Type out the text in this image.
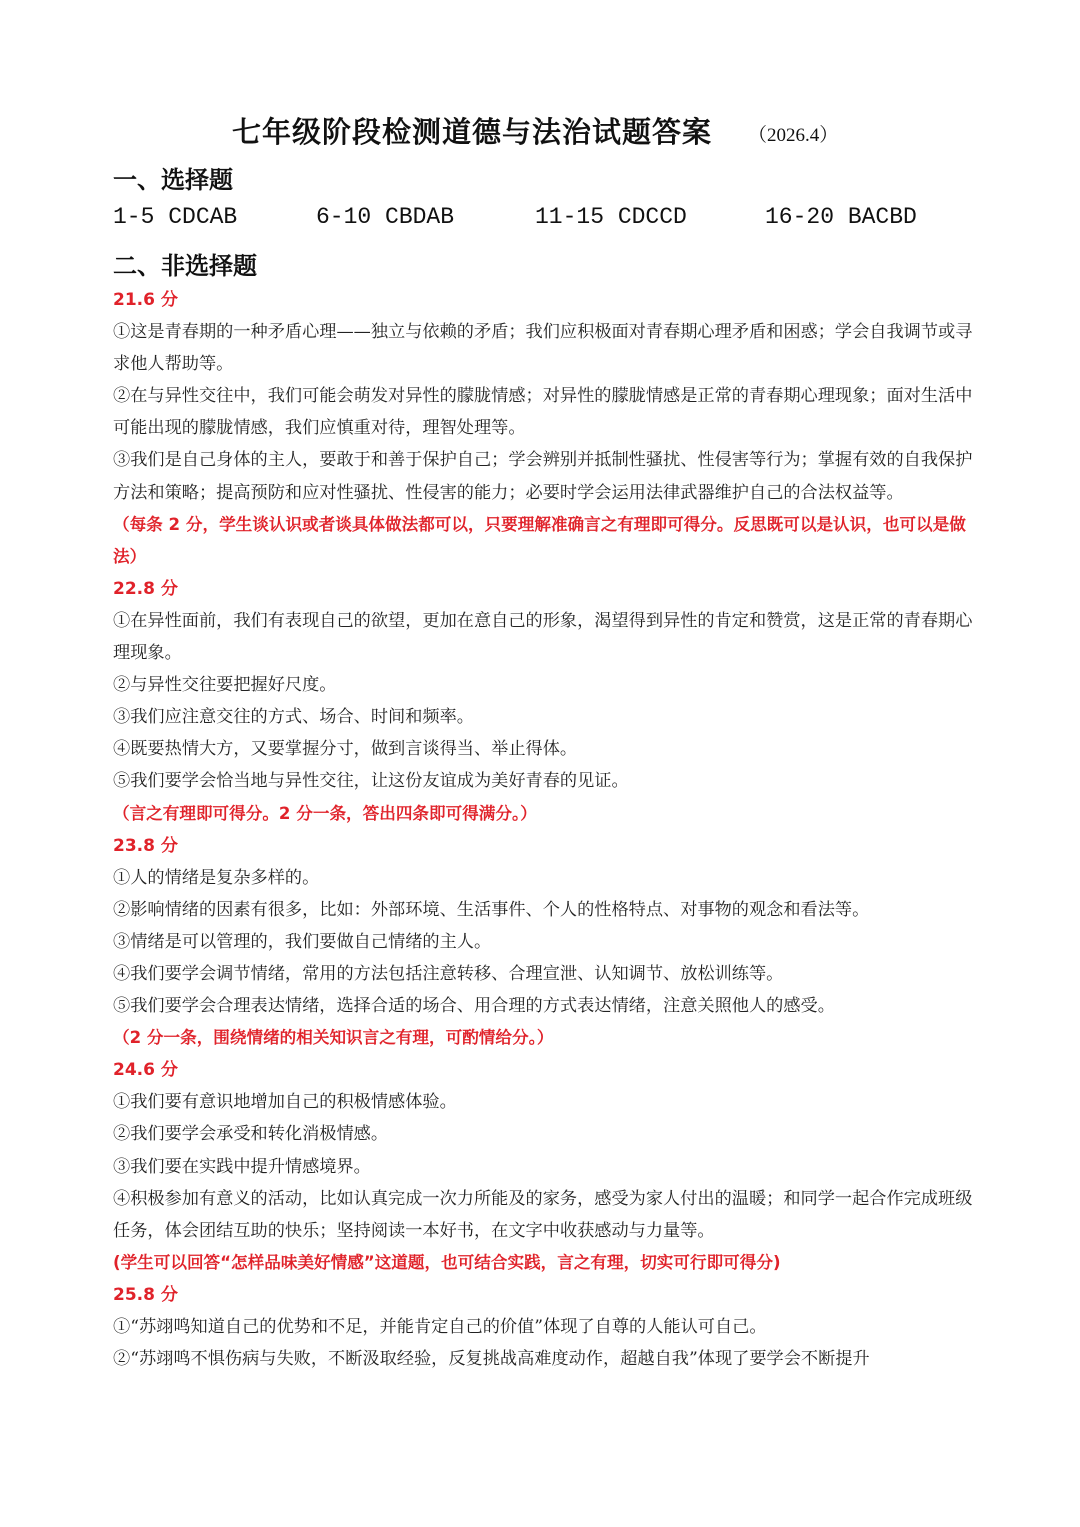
七年级阶段检测道德与法治试题答案 （2026.4）
一、选择题
1-5 CDCAB	6-10 CBDAB	11-15 CDCCD	16-20 BACBD
二、非选择题

21.6 分

①这是青春期的一种矛盾心理——独立与依赖的矛盾；我们应积极面对青春期心理矛盾和困惑；学会自我调节或寻求他人帮助等。

②在与异性交往中，我们可能会萌发对异性的朦胧情感；对异性的朦胧情感是正常的青春期心理现象；面对生活中可能出现的朦胧情感，我们应慎重对待，理智处理等。

③我们是自己身体的主人，要敢于和善于保护自己；学会辨别并抵制性骚扰、性侵害等行为；掌握有效的自我保护方法和策略；提高预防和应对性骚扰、性侵害的能力；必要时学会运用法律武器维护自己的合法权益等。

（每条 2 分，学生谈认识或者谈具体做法都可以，只要理解准确言之有理即可得分。反思既可以是认识，也可以是做法）

22.8 分

①在异性面前，我们有表现自己的欲望，更加在意自己的形象，渴望得到异性的肯定和赞赏，这是正常的青春期心理现象。

②与异性交往要把握好尺度。

③我们应注意交往的方式、场合、时间和频率。

④既要热情大方，又要掌握分寸，做到言谈得当、举止得体。

⑤我们要学会恰当地与异性交往，让这份友谊成为美好青春的见证。

（言之有理即可得分。2 分一条，答出四条即可得满分。）

23.8 分

①人的情绪是复杂多样的。

②影响情绪的因素有很多，比如：外部环境、生活事件、个人的性格特点、对事物的观念和看法等。

③情绪是可以管理的，我们要做自己情绪的主人。

④我们要学会调节情绪，常用的方法包括注意转移、合理宣泄、认知调节、放松训练等。

⑤我们要学会合理表达情绪，选择合适的场合、用合理的方式表达情绪，注意关照他人的感受。

（2 分一条，围绕情绪的相关知识言之有理，可酌情给分。）

24.6 分

①我们要有意识地增加自己的积极情感体验。

②我们要学会承受和转化消极情感。

③我们要在实践中提升情感境界。

④积极参加有意义的活动，比如认真完成一次力所能及的家务，感受为家人付出的温暖；和同学一起合作完成班级任务，体会团结互助的快乐；坚持阅读一本好书，在文字中收获感动与力量等。

(学生可以回答“怎样品味美好情感”这道题，也可结合实践，言之有理，切实可行即可得分)

25.8 分

①“苏翊鸣知道自己的优势和不足，并能肯定自己的价值”体现了自尊的人能认可自己。

②“苏翊鸣不惧伤病与失败，不断汲取经验，反复挑战高难度动作，超越自我”体现了要学会不断提升
